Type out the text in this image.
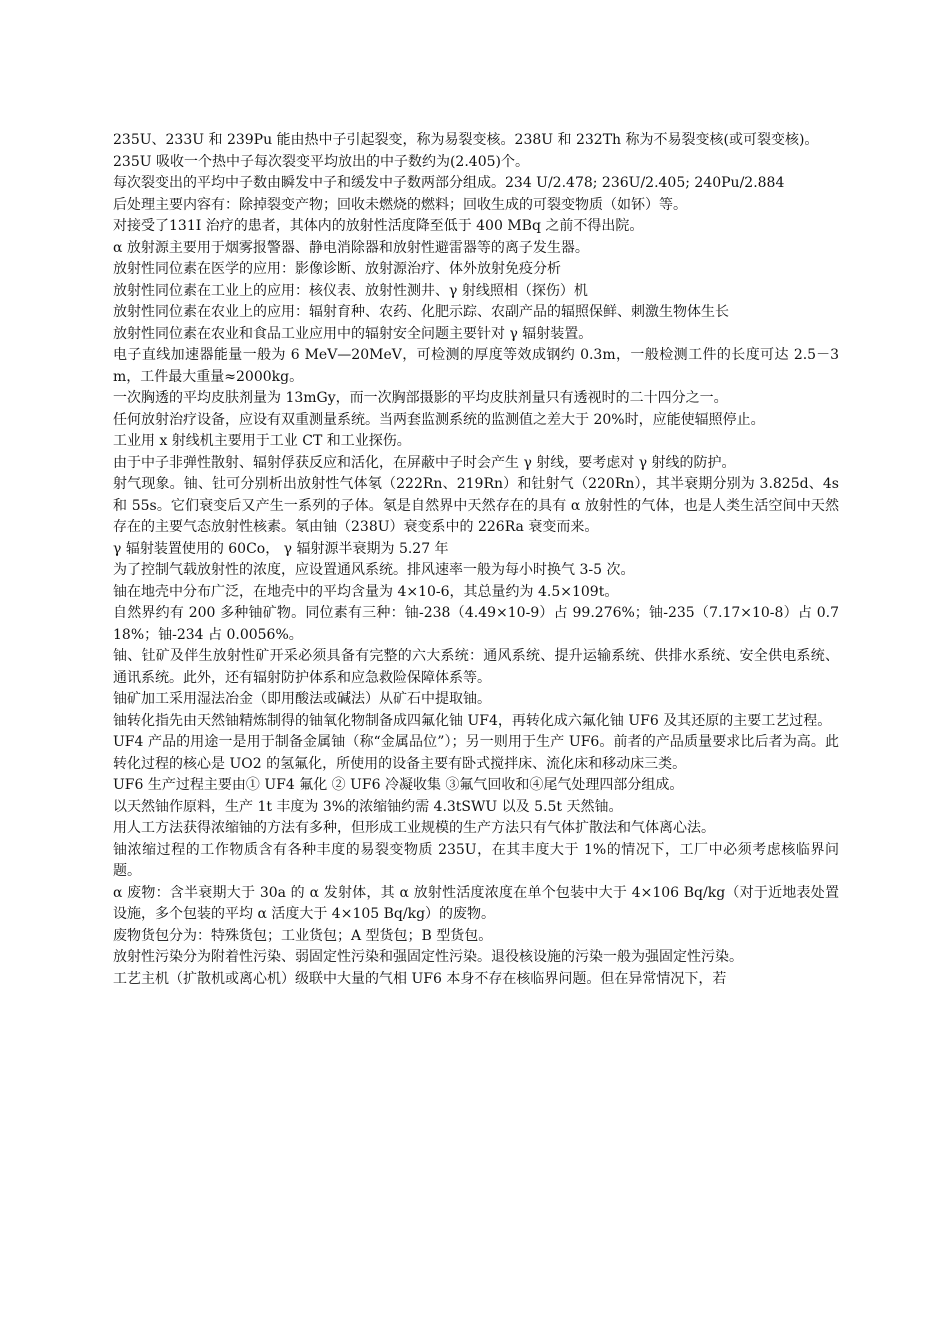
235U、233U 和 239Pu 能由热中子引起裂变，称为易裂变核。238U 和 232Th 称为不易裂变核(或可裂变核)。

235U 吸收一个热中子每次裂变平均放出的中子数约为(2.405)个。

每次裂变出的平均中子数由瞬发中子和缓发中子数两部分组成。234 U/2.478; 236U/2.405; 240Pu/2.884

后处理主要内容有：除掉裂变产物；回收未燃烧的燃料；回收生成的可裂变物质（如钚）等。

对接受了131I 治疗的患者，其体内的放射性活度降至低于 400 MBq 之前不得出院。

α 放射源主要用于烟雾报警器、静电消除器和放射性避雷器等的离子发生器。

放射性同位素在医学的应用：影像诊断、放射源治疗、体外放射免疫分析

放射性同位素在工业上的应用：核仪表、放射性测井、γ 射线照相（探伤）机

放射性同位素在农业上的应用：辐射育种、农药、化肥示踪、农副产品的辐照保鲜、刺激生物体生长

放射性同位素在农业和食品工业应用中的辐射安全问题主要针对 γ 辐射装置。

电子直线加速器能量一般为 6 MeV—20MeV，可检测的厚度等效成钢约 0.3m，一般检测工件的长度可达 2.5－3m，工件最大重量≈2000kg。

一次胸透的平均皮肤剂量为 13mGy，而一次胸部摄影的平均皮肤剂量只有透视时的二十四分之一。

任何放射治疗设备，应设有双重测量系统。当两套监测系统的监测值之差大于 20%时，应能使辐照停止。

工业用 x 射线机主要用于工业 CT 和工业探伤。

由于中子非弹性散射、辐射俘获反应和活化，在屏蔽中子时会产生 γ 射线，要考虑对 γ 射线的防护。

射气现象。铀、钍可分别析出放射性气体氡（222Rn、219Rn）和钍射气（220Rn），其半衰期分别为 3.825d、4s 和 55s。它们衰变后又产生一系列的子体。氡是自然界中天然存在的具有 α 放射性的气体，也是人类生活空间中天然存在的主要气态放射性核素。氡由铀（238U）衰变系中的 226Ra 衰变而来。

γ 辐射装置使用的 60Co， γ 辐射源半衰期为 5.27 年

为了控制气载放射性的浓度，应设置通风系统。排风速率一般为每小时换气 3-5 次。

铀在地壳中分布广泛，在地壳中的平均含量为 4×10-6，其总量约为 4.5×109t。

自然界约有 200 多种铀矿物。同位素有三种：铀-238（4.49×10-9）占 99.276%；铀-235（7.17×10-8）占 0.718%；铀-234 占 0.0056%。

铀、钍矿及伴生放射性矿开采必须具备有完整的六大系统：通风系统、提升运输系统、供排水系统、安全供电系统、通讯系统。此外，还有辐射防护体系和应急救险保障体系等。

铀矿加工采用湿法冶金（即用酸法或碱法）从矿石中提取铀。

铀转化指先由天然铀精炼制得的铀氧化物制备成四氟化铀 UF4，再转化成六氟化铀 UF6 及其还原的主要工艺过程。

UF4 产品的用途一是用于制备金属铀（称“金属品位”）；另一则用于生产 UF6。前者的产品质量要求比后者为高。此转化过程的核心是 UO2 的氢氟化，所使用的设备主要有卧式搅拌床、流化床和移动床三类。

UF6 生产过程主要由① UF4 氟化 ② UF6 冷凝收集 ③氟气回收和④尾气处理四部分组成。

以天然铀作原料，生产 1t 丰度为 3%的浓缩铀约需 4.3tSWU 以及 5.5t 天然铀。

用人工方法获得浓缩铀的方法有多种，但形成工业规模的生产方法只有气体扩散法和气体离心法。

铀浓缩过程的工作物质含有各种丰度的易裂变物质 235U，在其丰度大于 1%的情况下，工厂中必须考虑核临界问题。

α 废物：含半衰期大于 30a 的 α 发射体，其 α 放射性活度浓度在单个包装中大于 4×106 Bq/kg（对于近地表处置设施，多个包装的平均 α 活度大于 4×105 Bq/kg）的废物。

废物货包分为：特殊货包；工业货包；A 型货包；B 型货包。

放射性污染分为附着性污染、弱固定性污染和强固定性污染。退役核设施的污染一般为强固定性污染。

工艺主机（扩散机或离心机）级联中大量的气相 UF6 本身不存在核临界问题。但在异常情况下，若
